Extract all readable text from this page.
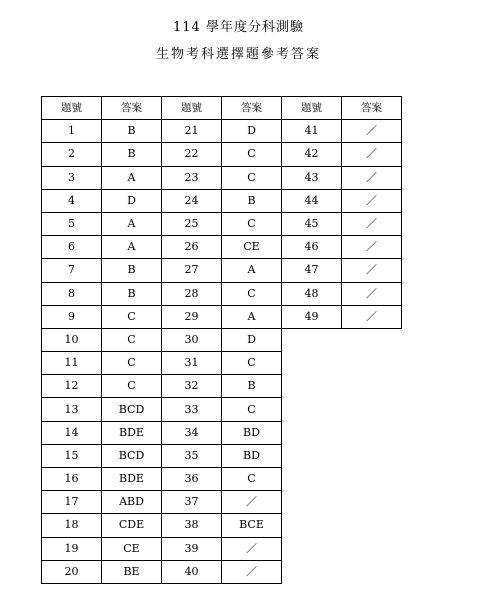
114 學年度分科測驗
生物考科選擇題參考答案
題號	答案	題號	答案	題號	答案
1	B	21	D	41	／
2	B	22	C	42	／
3	A	23	C	43	／
4	D	24	B	44	／
5	A	25	C	45	／
6	A	26	CE	46	／
7	B	27	A	47	／
8	B	28	C	48	／
9	C	29	A	49	／
10	C	30	D		
11	C	31	C		
12	C	32	B		
13	BCD	33	C		
14	BDE	34	BD		
15	BCD	35	BD		
16	BDE	36	C		
17	ABD	37	／		
18	CDE	38	BCE		
19	CE	39	／		
20	BE	40	／		
